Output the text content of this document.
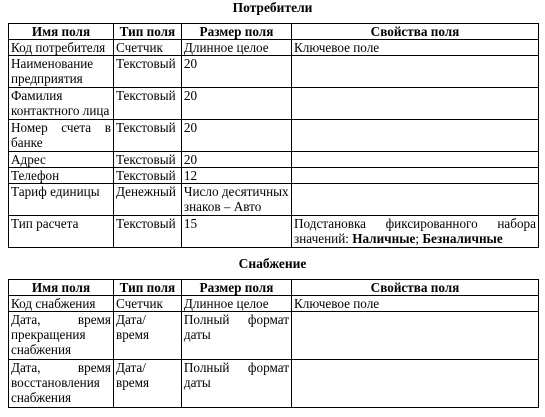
Потребители
Имя поля	Тип поля	Размер поля	Свойства поля
Код потребителя	Счетчик	Длинное целое	Ключевое поле
Наименование предприятия	Текстовый	20	
Фамилия контактного лица	Текстовый	20	
Номер счета в банке	Текстовый	20	
Адрес	Текстовый	20	
Телефон	Текстовый	12	
Тариф единицы	Денежный	Число десятичных знаков – Авто	
Тип расчета	Текстовый	15	Подстановка фиксированного набора значений: Наличные; Безналичные
Снабжение
Имя поля	Тип поля	Размер поля	Свойства поля
Код снабжения	Счетчик	Длинное целое	Ключевое поле
Дата, время прекращения снабжения	Дата/время	Полный формат даты	
Дата, время восстановления снабжения	Дата/время	Полный формат даты	
